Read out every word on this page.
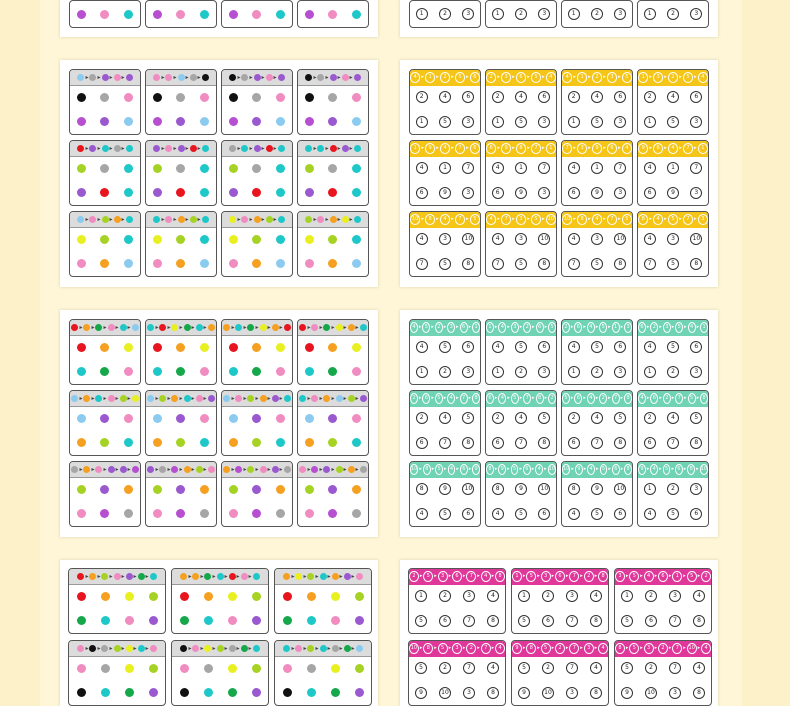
1	2	3	1	2	3	1	2	3	1	2	3
▸ ▸ ▸ ▸	▸ ▸ ▸ ▸	▸ ▸ ▸ ▸	▸ ▸ ▸ ▸
▸ ▸ ▸ ▸	▸ ▸ ▸ ▸	▸ ▸ ▸ ▸	▸ ▸ ▸ ▸
▸ ▸ ▸ ▸	▸ ▸ ▸ ▸	▸ ▸ ▸ ▸	▸ ▸ ▸ ▸
4 ▸ 1 ▸ 2 ▸ 5 ▸ 6
2	4	6
1	5	3
2 ▸ 3 ▸ 6 ▸ 5 ▸ 4
2	4	6
1	5	3
4 ▸ 1 ▸ 2 ▸ 3 ▸ 5
2	4	6
1	5	3
1 ▸ 3 ▸ 2 ▸ 5 ▸ 4
2	4	6
1	5	3
1 ▸ 9 ▸ 4 ▸ 7 ▸ 6
4	1	7
6	9	3
6 ▸ 9 ▸ 8 ▸ 7 ▸ 1
4	1	7
6	9	3
7 ▸ 3 ▸ 9 ▸ 6 ▸ 4
4	1	7
6	9	3
9 ▸ 6 ▸ 4 ▸ 7 ▸ 1
4	1	7
6	9	3
10 ▸ 8 ▸ 4 ▸ 7 ▸ 5
4	3	10
7	5	8
4 ▸ 7 ▸ 3 ▸ 5 ▸ 10
4	3	10
7	5	8
10 ▸ 8 ▸ 4 ▸ 7 ▸ 5
4	3	10
7	5	8
8 ▸ 4 ▸ 5 ▸ 7 ▸ 3
4	3	10
7	5	8
▸ ▸ ▸ ▸ ▸	▸ ▸ ▸ ▸ ▸	▸ ▸ ▸ ▸ ▸	▸ ▸ ▸ ▸ ▸
▸ ▸ ▸ ▸ ▸	▸ ▸ ▸ ▸ ▸	▸ ▸ ▸ ▸ ▸	▸ ▸ ▸ ▸ ▸
▸ ▸ ▸ ▸ ▸	▸ ▸ ▸ ▸ ▸	▸ ▸ ▸ ▸ ▸	▸ ▸ ▸ ▸ ▸
4 ▸ 5 ▸ 2 ▸ 3 ▸ 6 ▸ 1
4	5	6
1	2	3
1 ▸ 4 ▸ 3 ▸ 2 ▸ 6 ▸ 5
4	5	6
1	2	3
2 ▸ 6 ▸ 4 ▸ 5 ▸ 1 ▸ 3
4	5	6
1	2	3
6 ▸ 2 ▸ 3 ▸ 5 ▸ 4 ▸ 1
4	5	6
1	2	3
2 ▸ 6 ▸ 5 ▸ 4 ▸ 7 ▸ 8
2	4	5
6	7	8
6 ▸ 4 ▸ 5 ▸ 7 ▸ 8 ▸ 2
2	4	5
6	7	8
5 ▸ 6 ▸ 4 ▸ 2 ▸ 7 ▸ 8
2	4	5
6	7	8
4 ▸ 6 ▸ 2 ▸ 7 ▸ 5 ▸ 8
2	4	5
6	7	8
10 ▸ 8 ▸ 5 ▸ 4 ▸ 6 ▸ 9
8	9	10
4	5	6
8 ▸ 9 ▸ 5 ▸ 6 ▸ 4 ▸ 10
8	9	10
4	5	6
10 ▸ 9 ▸ 4 ▸ 5 ▸ 6 ▸ 8
8	9	10
4	5	6
9 ▸ 4 ▸ 5 ▸ 6 ▸ 8 ▸ 10
1	2	3
4	5	6
▸ ▸ ▸ ▸ ▸ ▸	▸ ▸ ▸ ▸ ▸ ▸	▸ ▸ ▸ ▸ ▸ ▸
▸ ▸ ▸ ▸ ▸ ▸	▸ ▸ ▸ ▸ ▸ ▸	▸ ▸ ▸ ▸ ▸ ▸
2 ▸ 5 ▸ 3 ▸ 6 ▸ 7 ▸ 4 ▸ 8
1	2	3	4
5	6	7	8
1 ▸ 5 ▸ 3 ▸ 6 ▸ 7 ▸ 2 ▸ 8
1	2	3	4
5	6	7	8
3 ▸ 5 ▸ 4 ▸ 6 ▸ 1 ▸ 5 ▸ 2
1	2	3	4
5	6	7	8
10 ▸ 8 ▸ 5 ▸ 3 ▸ 2 ▸ 7 ▸ 4
5	2	7	4
9	10	3	8
9 ▸ 8 ▸ 5 ▸ 2 ▸ 7 ▸ 3 ▸ 4
5	2	7	4
9	10	3	8
8 ▸ 5 ▸ 3 ▸ 2 ▸ 7 ▸ 10 ▸ 4
5	2	7	4
9	10	3	8
